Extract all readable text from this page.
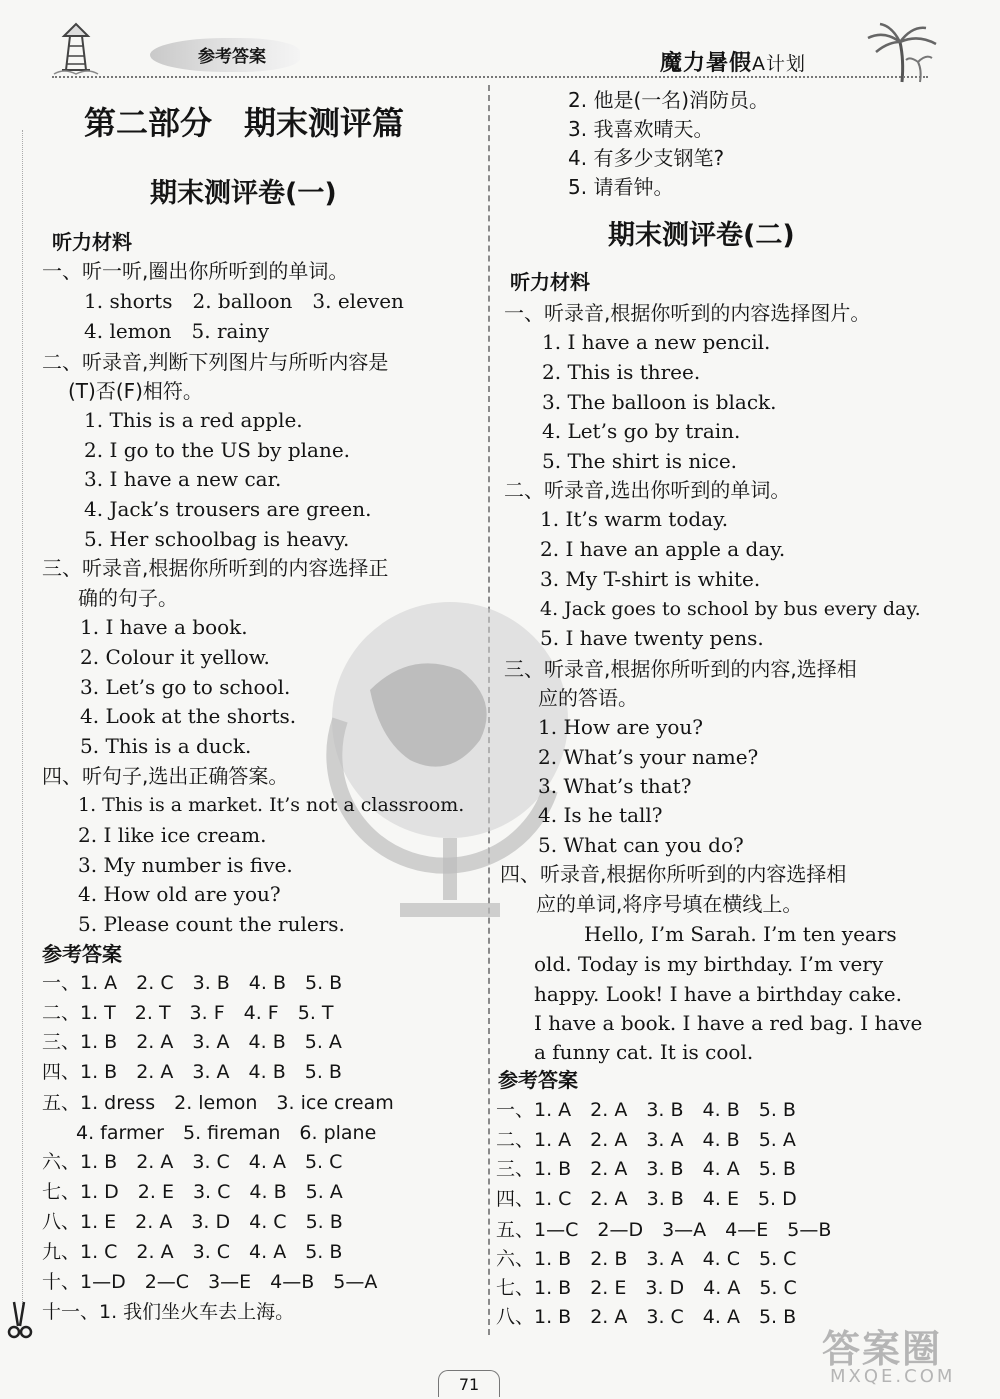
参考答案	魔力暑假A计划
第二部分　期末测评篇
期末测评卷(一)
听力材料
一、听一听,圈出你所听到的单词。
1. shorts　2. balloon　3. eleven
4. lemon　5. rainy
二、听录音,判断下列图片与所听内容是
(T)否(F)相符。
1. This is a red apple.
2. I go to the US by plane.
3. I have a new car.
4. Jack’s trousers are green.
5. Her schoolbag is heavy.
三、听录音,根据你所听到的内容选择正
确的句子。
1. I have a book.
2. Colour it yellow.
3. Let’s go to school.
4. Look at the shorts.
5. This is a duck.
四、听句子,选出正确答案。
1. This is a market. It’s not a classroom.
2. I like ice cream.
3. My number is five.
4. How old are you?
5. Please count the rulers.
参考答案
一、1. A　2. C　3. B　4. B　5. B
二、1. T　2. T　3. F　4. F　5. T
三、1. B　2. A　3. A　4. B　5. A
四、1. B　2. A　3. A　4. B　5. B
五、1. dress　2. lemon　3. ice cream
4. farmer　5. fireman　6. plane
六、1. B　2. A　3. C　4. A　5. C
七、1. D　2. E　3. C　4. B　5. A
八、1. E　2. A　3. D　4. C　5. B
九、1. C　2. A　3. C　4. A　5. B
十、1—D　2—C　3—E　4—B　5—A
十一、1. 我们坐火车去上海。
2. 他是(一名)消防员。
3. 我喜欢晴天。
4. 有多少支钢笔?
5. 请看钟。
期末测评卷(二)
听力材料
一、听录音,根据你听到的内容选择图片。
1. I have a new pencil.
2. This is three.
3. The balloon is black.
4. Let’s go by train.
5. The shirt is nice.
二、听录音,选出你听到的单词。
1. It’s warm today.
2. I have an apple a day.
3. My T-shirt is white.
4. Jack goes to school by bus every day.
5. I have twenty pens.
三、听录音,根据你所听到的内容,选择相
应的答语。
1. How are you?
2. What’s your name?
3. What’s that?
4. Is he tall?
5. What can you do?
四、听录音,根据你所听到的内容选择相
应的单词,将序号填在横线上。
Hello, I’m Sarah. I’m ten years
old. Today is my birthday. I’m very
happy. Look! I have a birthday cake.
I have a book. I have a red bag. I have
a funny cat. It is cool.
参考答案
一、1. A　2. A　3. B　4. B　5. B
二、1. A　2. A　3. A　4. B　5. A
三、1. B　2. A　3. B　4. A　5. B
四、1. C　2. A　3. B　4. E　5. D
五、1—C　2—D　3—A　4—E　5—B
六、1. B　2. B　3. A　4. C　5. C
七、1. B　2. E　3. D　4. A　5. C
八、1. B　2. A　3. C　4. A　5. B
71
答案圈
MXQE.COM
